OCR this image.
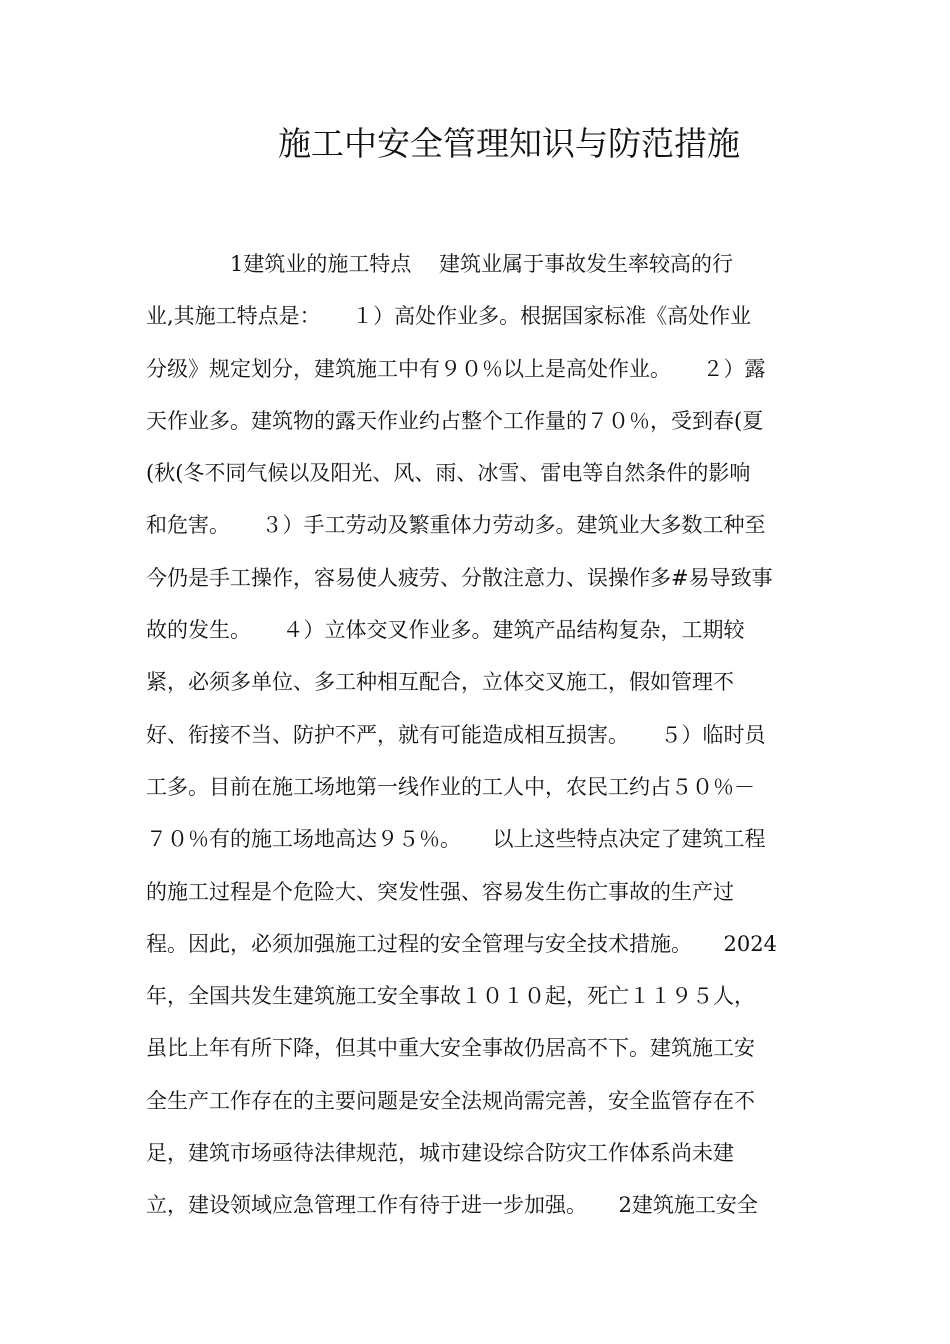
施工中安全管理知识与防范措施
　　　　1建筑业的施工特点　 建筑业属于事故发生率较高的行
业,其施工特点是：　　１）高处作业多。根据国家标准《高处作业
分级》规定划分，建筑施工中有９０％以上是高处作业。　　２）露
天作业多。建筑物的露天作业约占整个工作量的７０％，受到春(夏
(秋(冬不同气候以及阳光、风、雨、冰雪、雷电等自然条件的影响
和危害。　　３）手工劳动及繁重体力劳动多。建筑业大多数工种至
今仍是手工操作，容易使人疲劳、分散注意力、误操作多#易导致事
故的发生。　　４）立体交叉作业多。建筑产品结构复杂，工期较
紧，必须多单位、多工种相互配合，立体交叉施工，假如管理不
好、衔接不当、防护不严，就有可能造成相互损害。　　５）临时员
工多。目前在施工场地第一线作业的工人中，农民工约占５０％－
７０％有的施工场地高达９５％。　　以上这些特点决定了建筑工程
的施工过程是个危险大、突发性强、容易发生伤亡事故的生产过
程。因此，必须加强施工过程的安全管理与安全技术措施。　　2024
年，全国共发生建筑施工安全事故１０１０起，死亡１１９５人，
虽比上年有所下降，但其中重大安全事故仍居高不下。建筑施工安
全生产工作存在的主要问题是安全法规尚需完善，安全监管存在不
足，建筑市场亟待法律规范，城市建设综合防灾工作体系尚未建
立，建设领域应急管理工作有待于进一步加强。　　2建筑施工安全
